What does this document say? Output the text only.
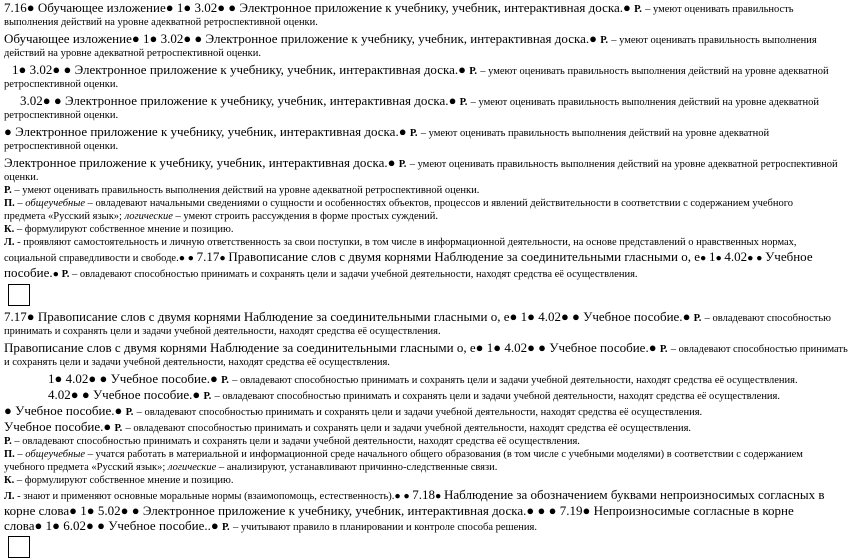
7.16● Обучающее изложение● 1● 3.02● ● Электронное приложение к учебнику, учебник, интерактивная доска.● Р. – умеют оценивать правильность

выполнения действий на уровне адекватной ретроспективной оценки.

Обучающее изложение● 1● 3.02● ● Электронное приложение к учебнику, учебник, интерактивная доска.● Р. – умеют оценивать правильность выполнения

действий на уровне адекватной ретроспективной оценки.

1● 3.02● ● Электронное приложение к учебнику, учебник, интерактивная доска.● Р. – умеют оценивать правильность выполнения действий на уровне адекватной

ретроспективной оценки.

3.02● ● Электронное приложение к учебнику, учебник, интерактивная доска.● Р. – умеют оценивать правильность выполнения действий на уровне адекватной

ретроспективной оценки.

● Электронное приложение к учебнику, учебник, интерактивная доска.● Р. – умеют оценивать правильность выполнения действий на уровне адекватной

ретроспективной оценки.

Электронное приложение к учебнику, учебник, интерактивная доска.● Р. – умеют оценивать правильность выполнения действий на уровне адекватной ретроспективной

оценки.

Р. – умеют оценивать правильность выполнения действий на уровне адекватной ретроспективной оценки.

П. – общеучебные – овладевают начальными сведениями о сущности и особенностях объектов, процессов и явлений действительности в соответствии с содержанием учебного

предмета «Русский язык»; логические – умеют строить рассуждения в форме простых суждений.

К. – формулируют собственное мнение и позицию.

Л. - проявляют самостоятельность и личную ответственность за свои поступки, в том числе в информационной деятельности, на основе представлений о нравственных нормах,

социальной справедливости и свободе.● ● 7.17● Правописание слов с двумя корнями Наблюдение за соединительными гласными о, е● 1● 4.02● ● Учебное

пособие.● Р. – овладевают способностью принимать и сохранять цели и задачи учебной деятельности, находят средства её осуществления.

7.17● Правописание слов с двумя корнями Наблюдение за соединительными гласными о, е● 1● 4.02● ● Учебное пособие.● Р. – овладевают способностью

принимать и сохранять цели и задачи учебной деятельности, находят средства её осуществления.

Правописание слов с двумя корнями Наблюдение за соединительными гласными о, е● 1● 4.02● ● Учебное пособие.● Р. – овладевают способностью принимать

и сохранять цели и задачи учебной деятельности, находят средства её осуществления.

1● 4.02● ● Учебное пособие.● Р. – овладевают способностью принимать и сохранять цели и задачи учебной деятельности, находят средства её осуществления.

4.02● ● Учебное пособие.● Р. – овладевают способностью принимать и сохранять цели и задачи учебной деятельности, находят средства её осуществления.

● Учебное пособие.● Р. – овладевают способностью принимать и сохранять цели и задачи учебной деятельности, находят средства её осуществления.

Учебное пособие.● Р. – овладевают способностью принимать и сохранять цели и задачи учебной деятельности, находят средства её осуществления.

Р. – овладевают способностью принимать и сохранять цели и задачи учебной деятельности, находят средства её осуществления.

П. – общеучебные – учатся работать в материальной и информационной среде начального общего образования (в том числе с учебными моделями) в соответствии с содержанием

учебного предмета «Русский язык»; логические – анализируют, устанавливают причинно-следственные связи.

К. – формулируют собственное мнение и позицию.

Л. - знают и применяют основные моральные нормы (взаимопомощь, естественность).● ● 7.18● Наблюдение за обозначением буквами непроизносимых согласных в

корне слова● 1● 5.02● ● Электронное приложение к учебнику, учебник, интерактивная доска.● ● ● 7.19● Непроизносимые согласные в корне

слова● 1● 6.02● ● Учебное пособие..● Р. – учитывают правило в планировании и контроле способа решения.
